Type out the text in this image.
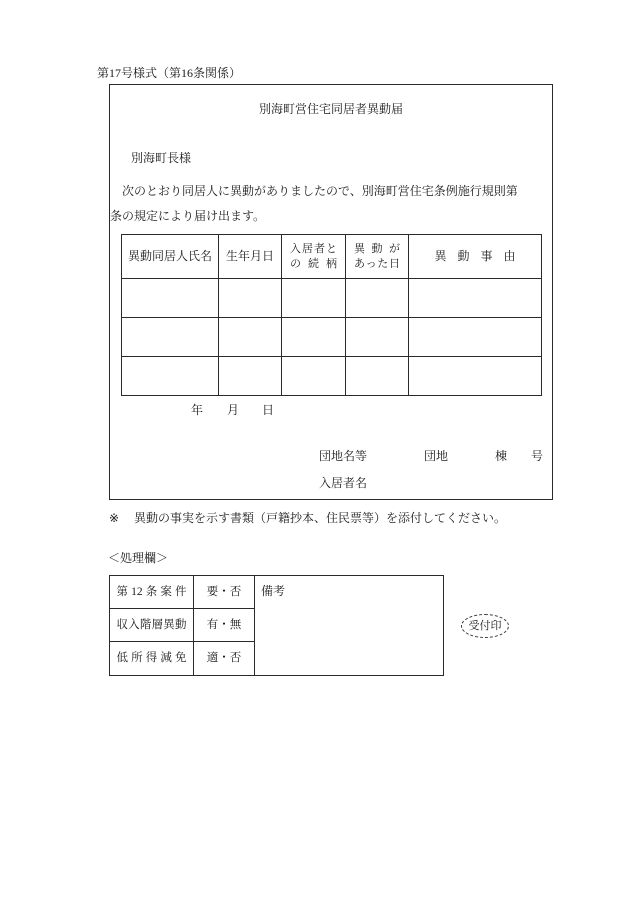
第17号様式（第16条関係）
別海町営住宅同居者異動届
別海町長様
次のとおり同居人に異動がありましたので、別海町営住宅条例施行規則第
条の規定により届け出ます。
異動同居人氏名	生年月日	入居者と
の続柄	異動が
あった日	異動事由

年 月 日
団地名等	団地	棟 号
入居者名
※ 異動の事実を示す書類（戸籍抄本、住民票等）を添付してください。
＜処理欄＞
第12条案件	要・否	備考

収入階層異動	有・無	

低所得減免	適・否	
受付印
